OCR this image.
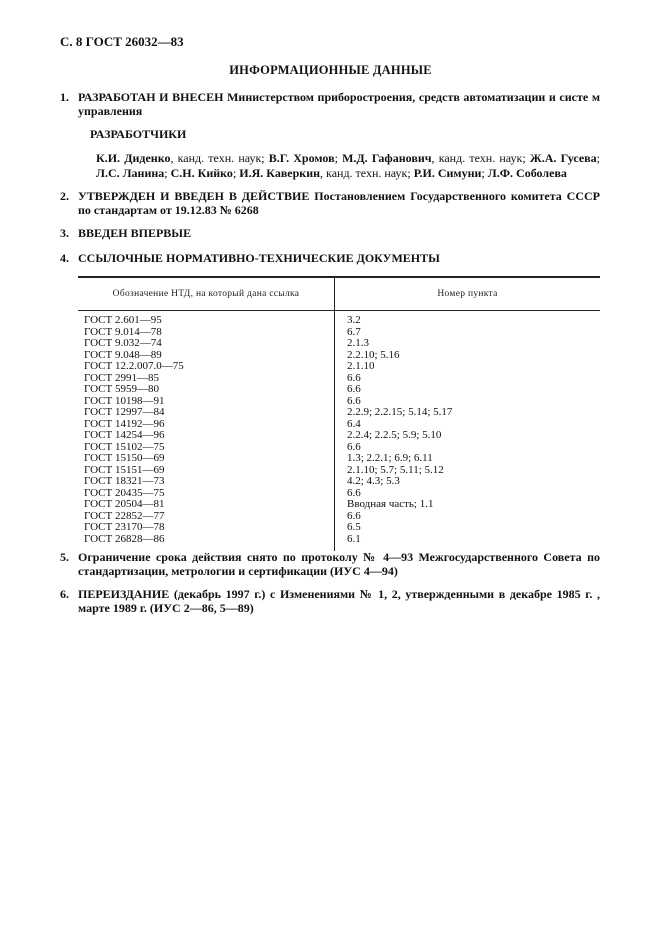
С. 8 ГОСТ 26032—83
ИНФОРМАЦИОННЫЕ ДАННЫЕ
1. РАЗРАБОТАН И ВНЕСЕН Министерством приборостроения, средств автоматизации и систе м управления
РАЗРАБОТЧИКИ
К.И. Диденко, канд. техн. наук; В.Г. Хромов; М.Д. Гафанович, канд. техн. наук; Ж.А. Гусева; Л.С. Ланина; С.Н. Кийко; И.Я. Каверкин, канд. техн. наук; Р.И. Симуни; Л.Ф. Соболева
2. УТВЕРЖДЕН И ВВЕДЕН В ДЕЙСТВИЕ Постановлением Государственного комитета СССР по стандартам от 19.12.83 № 6268
3. ВВЕДЕН ВПЕРВЫЕ
4. ССЫЛОЧНЫЕ НОРМАТИВНО-ТЕХНИЧЕСКИЕ ДОКУМЕНТЫ
Обозначение НТД, на который дана ссылка	Номер пункта
ГОСТ 2.601—95	3.2
ГОСТ 9.014—78	6.7
ГОСТ 9.032—74	2.1.3
ГОСТ 9.048—89	2.2.10; 5.16
ГОСТ 12.2.007.0—75	2.1.10
ГОСТ 2991—85	6.6
ГОСТ 5959—80	6.6
ГОСТ 10198—91	6.6
ГОСТ 12997—84	2.2.9; 2.2.15; 5.14; 5.17
ГОСТ 14192—96	6.4
ГОСТ 14254—96	2.2.4; 2.2.5; 5.9; 5.10
ГОСТ 15102—75	6.6
ГОСТ 15150—69	1.3; 2.2.1; 6.9; 6.11
ГОСТ 15151—69	2.1.10; 5.7; 5.11; 5.12
ГОСТ 18321—73	4.2; 4.3; 5.3
ГОСТ 20435—75	6.6
ГОСТ 20504—81	Вводная часть; 1.1
ГОСТ 22852—77	6.6
ГОСТ 23170—78	6.5
ГОСТ 26828—86	6.1
5. Ограничение срока действия снято по протоколу № 4—93 Межгосударственного Совета по стандартизации, метрологии и сертификации (ИУС 4—94)
6. ПЕРЕИЗДАНИЕ (декабрь 1997 г.) с Изменениями № 1, 2, утвержденными в декабре 1985 г. , марте 1989 г. (ИУС 2—86, 5—89)
